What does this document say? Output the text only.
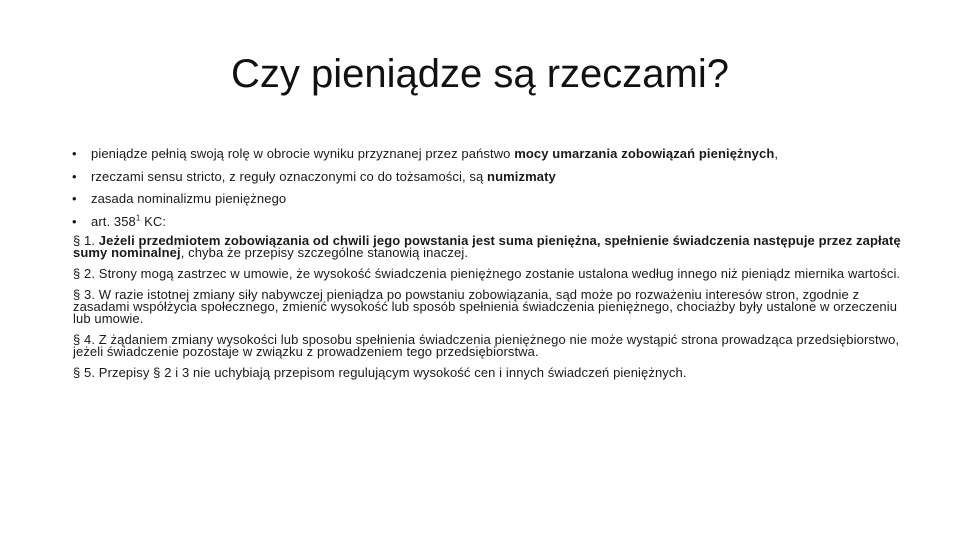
Czy pieniądze są rzeczami?
• pieniądze pełnią swoją rolę w obrocie wyniku przyznanej przez państwo mocy umarzania zobowiązań pieniężnych,
• rzeczami sensu stricto, z reguły oznaczonymi co do tożsamości, są numizmaty
• zasada nominalizmu pieniężnego
• art. $358^1$ KC:

§ 1. Jeżeli przedmiotem zobowiązania od chwili jego powstania jest suma pieniężna, spełnienie świadczenia następuje przez zapłatę sumy nominalnej, chyba że przepisy szczególne stanowią inaczej.

§ 2. Strony mogą zastrzec w umowie, że wysokość świadczenia pieniężnego zostanie ustalona według innego niż pieniądz miernika wartości.

§ 3. W razie istotnej zmiany siły nabywczej pieniądza po powstaniu zobowiązania, sąd może po rozważeniu interesów stron, zgodnie z zasadami współżycia społecznego, zmienić wysokość lub sposób spełnienia świadczenia pieniężnego, chociażby były ustalone w orzeczeniu lub umowie.

§ 4. Z żądaniem zmiany wysokości lub sposobu spełnienia świadczenia pieniężnego nie może wystąpić strona prowadząca przedsiębiorstwo, jeżeli świadczenie pozostaje w związku z prowadzeniem tego przedsiębiorstwa.

§ 5. Przepisy § 2 i 3 nie uchybiają przepisom regulującym wysokość cen i innych świadczeń pieniężnych.
